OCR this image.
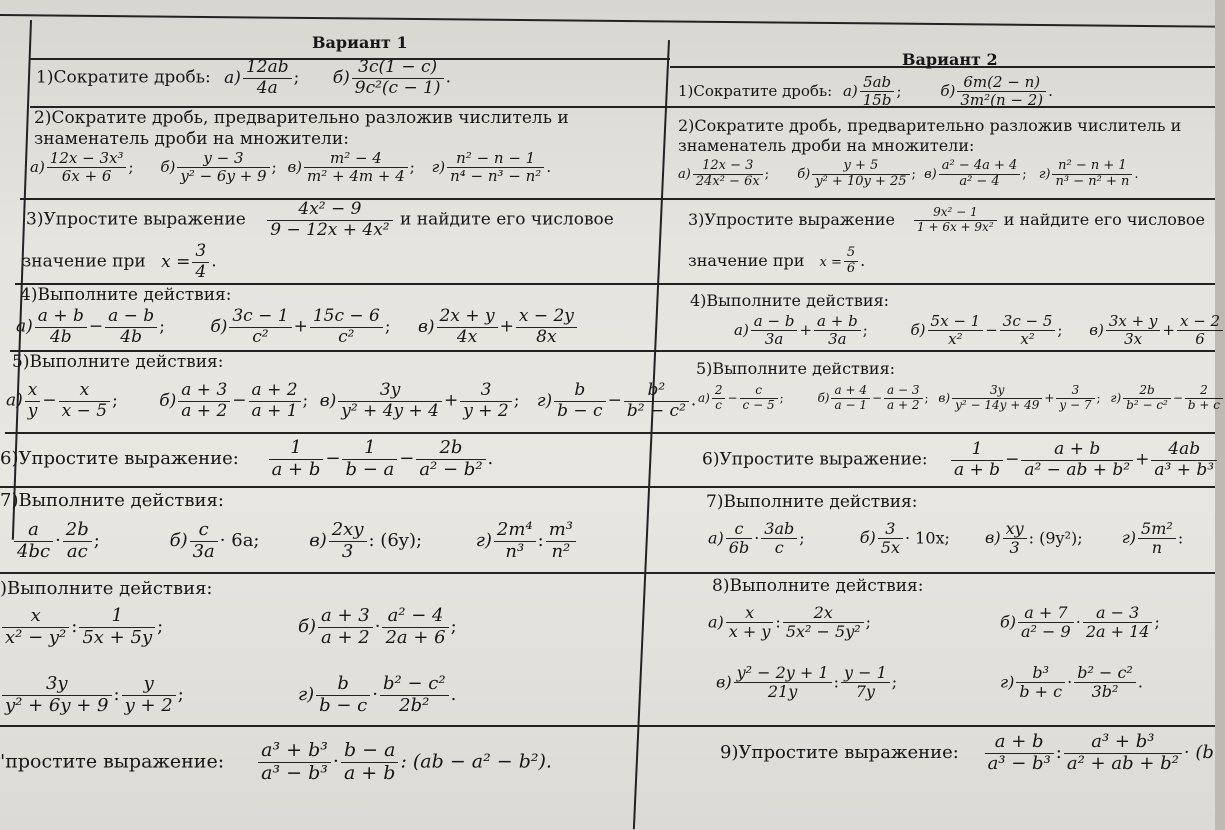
Вариант 1
1)Сократите дробь: $а) \frac{12ab}{4a}$ ; $б) \frac{3c(1 - c)}{\text{9c²(c − 1)}}$ .
2)Сократите дробь, предварительно разложив числитель и
знаменатель дроби на множители:
$а) \frac{\text{12x − 3x³}}{6x + 6}$ ; $б) \frac{y - 3}{\text{y² − 6y + 9}}$ ; $в) \frac{\text{m² − 4}}{\text{m² + 4m + 4}}$ ; $г) \frac{\text{n² − n − 1}}{\text{n⁴ − n³ − n²}}$ .
3)Упростите выражение $\frac{\text{4x² − 9}}{\text{9 − 12x + 4x²}}$ и найдите его числовое
значение при $x = \frac{3}{4}$ .
4)Выполните действия:
$а) \frac{a + b}{4b} - \frac{a - b}{4b}$ ;	$б) \frac{3c - 1}{\text{c²}} + \frac{15c - 6}{\text{c²}}$ ; $в) \frac{2x + y}{4x} + \frac{x - 2y}{8x}$
5)Выполните действия:
$а) \frac{x}{y} - \frac{x}{x - 5}$ ; $б) \frac{a + 3}{a + 2} - \frac{a + 2}{a + 1}$ ; $в) \frac{3y}{\text{y² + 4y + 4}} + \frac{3}{y + 2}$ ; $г) \frac{b}{b - c} - \frac{\text{b²}}{\text{b² − c²}}$ .
6)Упростите выражение: $\frac{1}{a + b} - \frac{1}{b - a} - \frac{2b}{\text{a² − b²}}$ .
7)Выполните действия:
$\frac{a}{4bc} \cdot \frac{2b}{ac}$ ;	$б) \frac{c}{3a} \cdot 6a$;	$в) \frac{2xy}{3}$ : (6y);	$г) \frac{\text{2m⁴}}{\text{n³}}$ : $\frac{\text{m³}}{\text{n²}}$
)Выполните действия:
$\frac{x}{\text{x² − y²}}$ : $\frac{1}{5x + 5y}$ ;	$б) \frac{a + 3}{a + 2} \cdot \frac{\text{a² − 4}}{2a + 6}$ ;
$\frac{3y}{\text{y² + 6y + 9}}$ : $\frac{y}{y + 2}$ ;	$г) \frac{b}{b - c} \cdot \frac{\text{b² − c²}}{\text{2b²}}$ .
'простите выражение: $\frac{\text{a³ + b³}}{\text{a³ − b³}} \cdot \frac{b - a}{a + b}$ : (ab − a² − b²).
Вариант 2
1)Сократите дробь: $а) \frac{5ab}{15b}$ ;	$б) \frac{6m(2 - n)}{\text{3m²(n − 2)}}$ .
2)Сократите дробь, предварительно разложив числитель и
знаменатель дроби на множители:
$а) \frac{12x - 3}{\text{24x² − 6x}}$ ; $б) \frac{y + 5}{\text{y² + 10y + 25}}$ ; $в) \frac{\text{a² − 4a + 4}}{\text{a² − 4}}$ ; $г) \frac{\text{n² − n + 1}}{\text{n³ − n² + n}}$ .
3)Упростите выражение $\frac{\text{9x² − 1}}{\text{1 + 6x + 9x²}}$ и найдите его числовое
значение при $x = \frac{5}{6}$ .
4)Выполните действия:
$а) \frac{a - b}{3a} + \frac{a + b}{3a}$ ;	$б) \frac{5x - 1}{\text{x²}} - \frac{3c - 5}{\text{x²}}$ ; $в) \frac{3x + y}{3x} + \frac{x - 2}{6}$
5)Выполните действия:
$а) \frac{2}{c} - \frac{c}{c - 5}$ ;	$б) \frac{a + 4}{a - 1} - \frac{a - 3}{a + 2}$ ; $в) \frac{3y}{\text{y² − 14y + 49}} + \frac{3}{y - 7}$ ; $г) \frac{2b}{\text{b² − c²}} - \frac{2}{b + c}$
6)Упростите выражение: $\frac{1}{a + b} - \frac{a + b}{\text{a² − ab + b²}} + \frac{4ab}{\text{a³ + b³}}$
7)Выполните действия:
$а) \frac{c}{6b} \cdot \frac{3ab}{c}$ ;	$б) \frac{3}{5x} \cdot 10x$; $в) \frac{xy}{3}$ : (9y²); $г) \frac{\text{5m²}}{n}$ :
8)Выполните действия:
$а) \frac{x}{x + y}$ : $\frac{2x}{\text{5x² − 5y²}}$ ;	$б) \frac{a + 7}{\text{a² − 9}} \cdot \frac{a - 3}{2a + 14}$ ;
$в) \frac{\text{y² − 2y + 1}}{21y}$ : $\frac{y - 1}{7y}$ ;	$г) \frac{\text{b³}}{b + c} \cdot \frac{\text{b² − c²}}{\text{3b²}}$ .
9)Упростите выражение: $\frac{a + b}{\text{a³ − b³}}$ : $\frac{\text{a³ + b³}}{\text{a² + ab + b²}} \cdot (b$
